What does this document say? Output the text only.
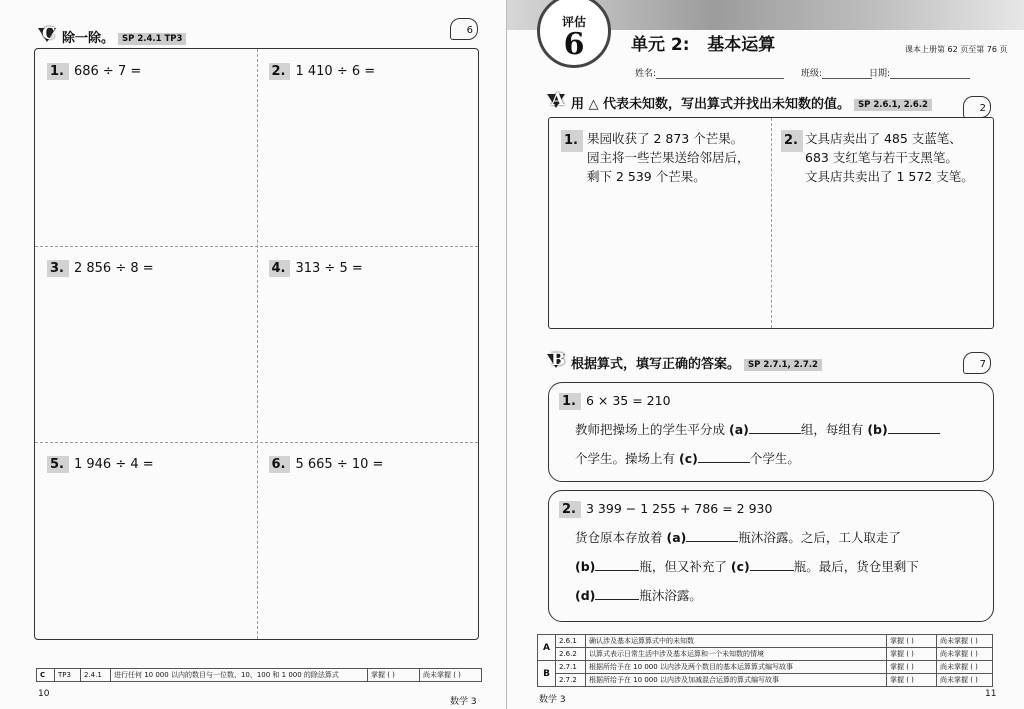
C 除一除。 SP 2.4.1 TP3
6
1. 686 ÷ 7 =	2. 1 410 ÷ 6 =
3. 2 856 ÷ 8 =	4. 313 ÷ 5 =
5. 1 946 ÷ 4 =	6. 5 665 ÷ 10 =
C	TP3	2.4.1	进行任何 10 000 以内的数目与一位数、10、100 和 1 000 的除法算式	掌握 ( )	尚未掌握 ( )
10
数学 3
评估
6	单元 2:   基本运算	课本上册第 62 页至第 76 页
姓名:	班级:	日期:
A 用 △ 代表未知数，写出算式并找出未知数的值。 SP 2.6.1, 2.6.2	2
1. 果园收获了 2 873 个芒果。
园主将一些芒果送给邻居后，
剩下 2 539 个芒果。
2. 文具店卖出了 485 支蓝笔、
683 支红笔与若干支黑笔。
文具店共卖出了 1 572 支笔。
B 根据算式，填写正确的答案。 SP 2.7.1, 2.7.2	7
1. 6 × 35 = 210
教师把操场上的学生平分成 (a)	组，每组有 (b)
个学生。操场上有 (c)	个学生。
2. 3 399 − 1 255 + 786 = 2 930
货仓原本存放着 (a)	瓶沐浴露。之后，工人取走了
(b)	瓶，但又补充了 (c)	瓶。最后，货仓里剩下
(d)	瓶沐浴露。
A	2.6.1	确认涉及基本运算算式中的未知数	掌握 ( )	尚未掌握 ( )
	2.6.2	以算式表示日常生活中涉及基本运算和一个未知数的情境	掌握 ( )	尚未掌握 ( )
B	2.7.1	根据所给予在 10 000 以内涉及两个数目的基本运算算式编写故事	掌握 ( )	尚未掌握 ( )
	2.7.2	根据所给予在 10 000 以内涉及加减混合运算的算式编写故事	掌握 ( )	尚未掌握 ( )
数学 3
11
